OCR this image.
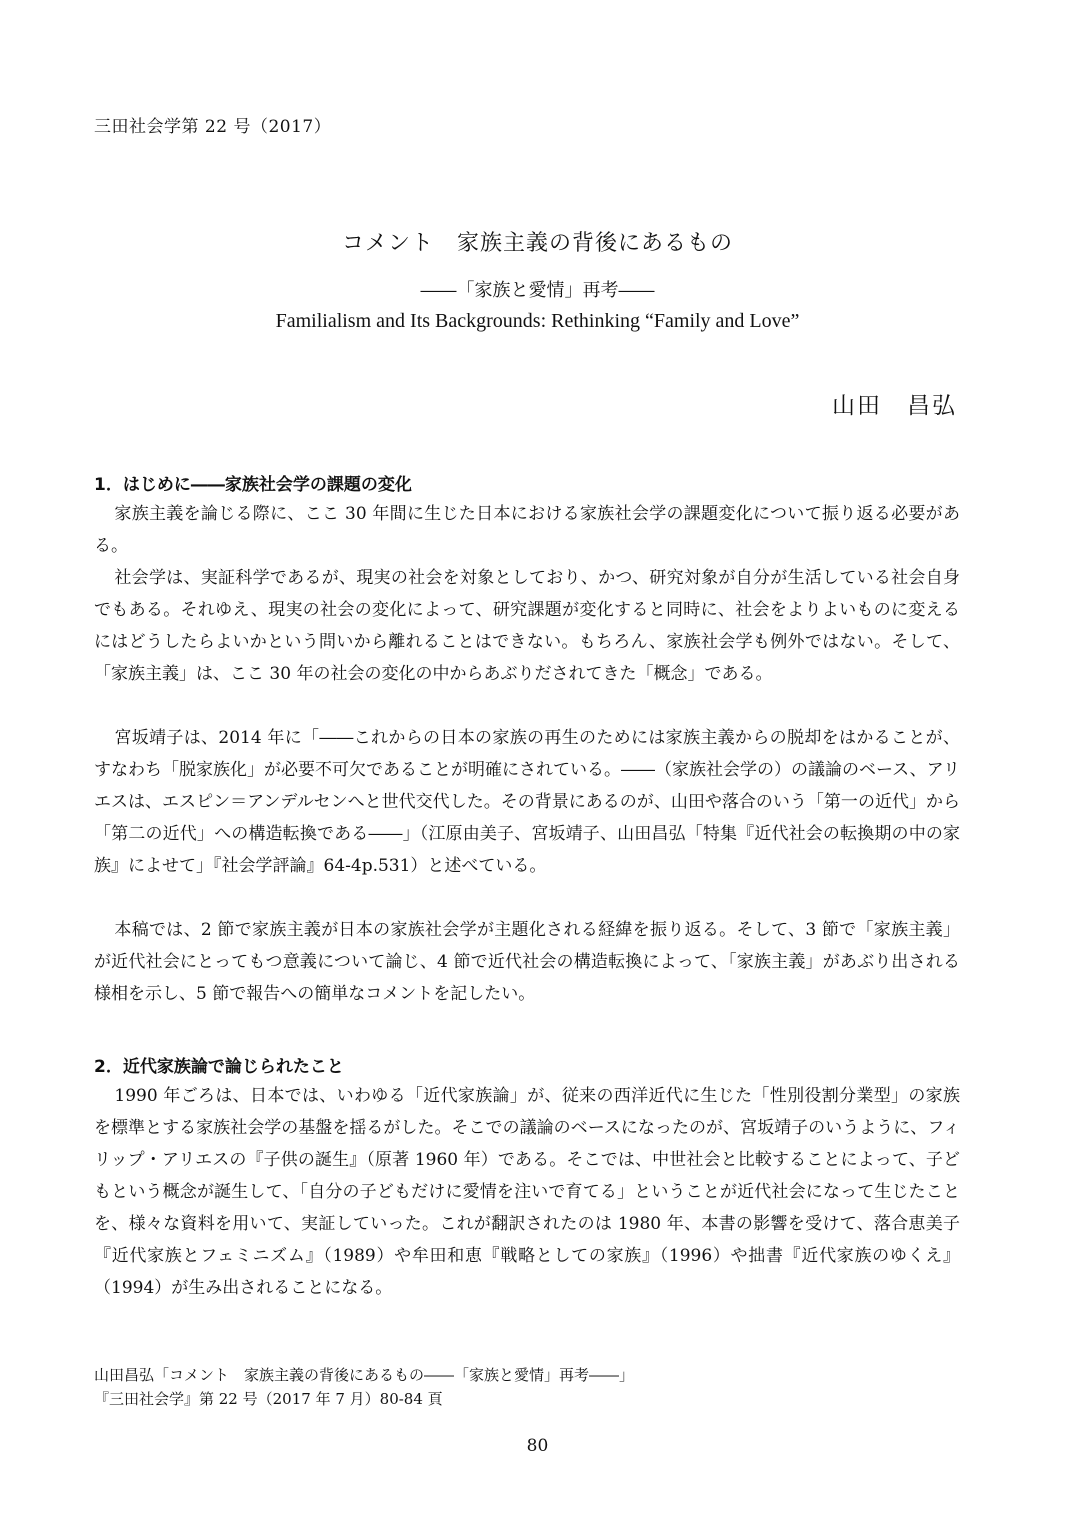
三田社会学第 22 号（2017）
コメント　家族主義の背後にあるもの
――「家族と愛情」再考――
Familialism and Its Backgrounds: Rethinking “Family and Love”
山田　昌弘
1．はじめに――家族社会学の課題の変化

家族主義を論じる際に、ここ 30 年間に生じた日本における家族社会学の課題変化について振り返る必要がある。

社会学は、実証科学であるが、現実の社会を対象としており、かつ、研究対象が自分が生活している社会自身でもある。それゆえ、現実の社会の変化によって、研究課題が変化すると同時に、社会をよりよいものに変えるにはどうしたらよいかという問いから離れることはできない。もちろん、家族社会学も例外ではない。そして、「家族主義」は、ここ 30 年の社会の変化の中からあぶりだされてきた「概念」である。

宮坂靖子は、2014 年に「――これからの日本の家族の再生のためには家族主義からの脱却をはかることが、すなわち「脱家族化」が必要不可欠であることが明確にされている。――（家族社会学の）の議論のベース、アリエスは、エスピン＝アンデルセンへと世代交代した。その背景にあるのが、山田や落合のいう「第一の近代」から「第二の近代」への構造転換である――」（江原由美子、宮坂靖子、山田昌弘「特集『近代社会の転換期の中の家族』によせて」『社会学評論』64-4p.531）と述べている。

本稿では、2 節で家族主義が日本の家族社会学が主題化される経緯を振り返る。そして、3 節で「家族主義」が近代社会にとってもつ意義について論じ、4 節で近代社会の構造転換によって、「家族主義」があぶり出される様相を示し、5 節で報告への簡単なコメントを記したい。

2．近代家族論で論じられたこと

1990 年ごろは、日本では、いわゆる「近代家族論」が、従来の西洋近代に生じた「性別役割分業型」の家族を標準とする家族社会学の基盤を揺るがした。そこでの議論のベースになったのが、宮坂靖子のいうように、フィリップ・アリエスの『子供の誕生』（原著 1960 年）である。そこでは、中世社会と比較することによって、子どもという概念が誕生して、「自分の子どもだけに愛情を注いで育てる」ということが近代社会になって生じたことを、様々な資料を用いて、実証していった。これが翻訳されたのは 1980 年、本書の影響を受けて、落合恵美子『近代家族とフェミニズム』（1989）や牟田和恵『戦略としての家族』（1996）や拙書『近代家族のゆくえ』（1994）が生み出されることになる。

山田昌弘「コメント　家族主義の背後にあるもの――「家族と愛情」再考――」
『三田社会学』第 22 号（2017 年 7 月）80-84 頁
80
